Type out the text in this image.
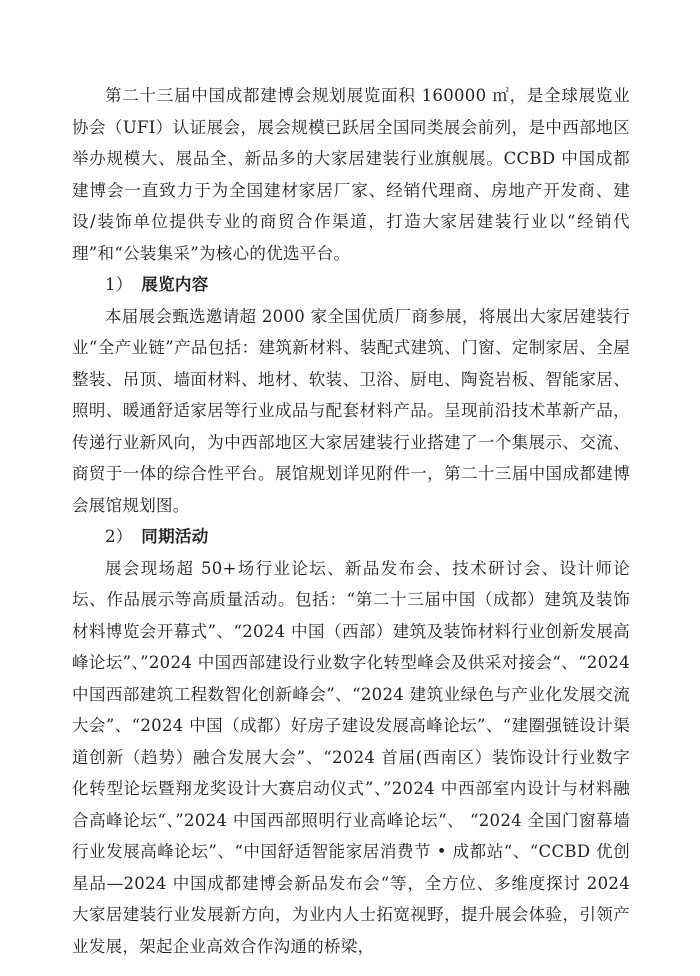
第二十三届中国成都建博会规划展览面积 160000 ㎡，是全球展览业协会（UFI）认证展会，展会规模已跃居全国同类展会前列，是中西部地区举办规模大、展品全、新品多的大家居建装行业旗舰展。CCBD 中国成都建博会一直致力于为全国建材家居厂家、经销代理商、房地产开发商、建设/装饰单位提供专业的商贸合作渠道，打造大家居建装行业以“经销代理”和“公装集采”为核心的优选平台。

1） 展览内容

本届展会甄选邀请超 2000 家全国优质厂商参展，将展出大家居建装行业“全产业链”产品包括：建筑新材料、装配式建筑、门窗、定制家居、全屋整装、吊顶、墙面材料、地材、软装、卫浴、厨电、陶瓷岩板、智能家居、照明、暖通舒适家居等行业成品与配套材料产品。呈现前沿技术革新产品，传递行业新风向，为中西部地区大家居建装行业搭建了一个集展示、交流、商贸于一体的综合性平台。展馆规划详见附件一，第二十三届中国成都建博会展馆规划图。

2） 同期活动

展会现场超 50+场行业论坛、新品发布会、技术研讨会、设计师论坛、作品展示等高质量活动。包括：“第二十三届中国（成都）建筑及装饰材料博览会开幕式”、“2024 中国（西部）建筑及装饰材料行业创新发展高峰论坛”、”2024 中国西部建设行业数字化转型峰会及供采对接会“、“2024 中国西部建筑工程数智化创新峰会”、“2024 建筑业绿色与产业化发展交流大会”、“2024 中国（成都）好房子建设发展高峰论坛”、“建圈强链设计渠道创新（趋势）融合发展大会”、“2024 首届(西南区）装饰设计行业数字化转型论坛暨翔龙奖设计大赛启动仪式”、”2024 中西部室内设计与材料融合高峰论坛“、”2024 中国西部照明行业高峰论坛“、 “2024 全国门窗幕墙行业发展高峰论坛”、“中国舒适智能家居消费节 • 成都站“、“CCBD 优创星品—2024 中国成都建博会新品发布会“等，全方位、多维度探讨 2024 大家居建装行业发展新方向，为业内人士拓宽视野，提升展会体验，引领产业发展，架起企业高效合作沟通的桥梁，
